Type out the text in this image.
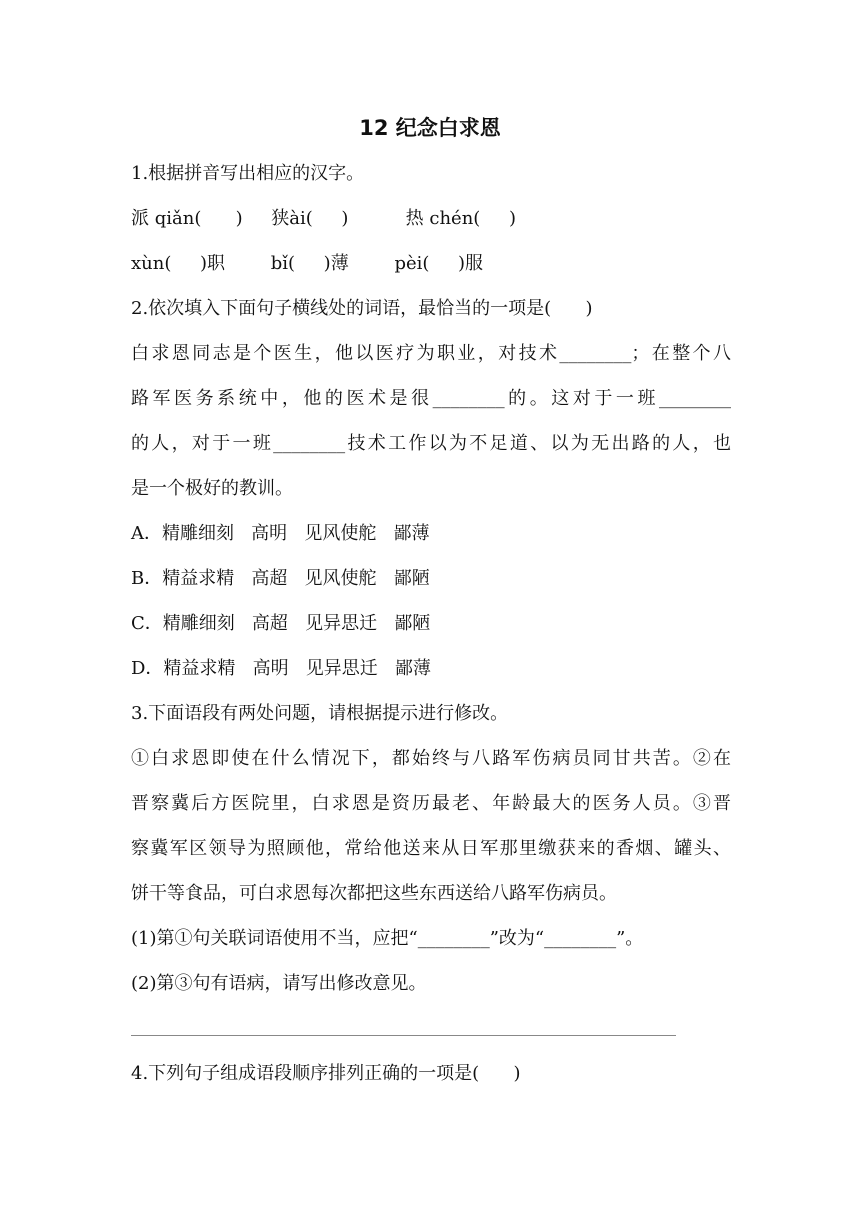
12 纪念白求恩

1.根据拼音写出相应的汉字。

派 qiǎn(      )     狭ài(     )          热 chén(     )

xùn(     )职        bǐ(     )薄        pèi(     )服

2.依次填入下面句子横线处的词语，最恰当的一项是(      )

白求恩同志是个医生，他以医疗为职业，对技术________；在整个八

路军医务系统中，他的医术是很________的。这对于一班________

的人，对于一班________技术工作以为不足道、以为无出路的人，也

是一个极好的教训。

A．精雕细刻   高明   见风使舵   鄙薄

B．精益求精   高超   见风使舵   鄙陋

C．精雕细刻   高超   见异思迁   鄙陋

D．精益求精   高明   见异思迁   鄙薄

3.下面语段有两处问题，请根据提示进行修改。

①白求恩即使在什么情况下，都始终与八路军伤病员同甘共苦。②在

晋察冀后方医院里，白求恩是资历最老、年龄最大的医务人员。③晋

察冀军区领导为照顾他，常给他送来从日军那里缴获来的香烟、罐头、

饼干等食品，可白求恩每次都把这些东西送给八路军伤病员。

(1)第①句关联词语使用不当，应把“________”改为“________”。

(2)第③句有语病，请写出修改意见。

4.下列句子组成语段顺序排列正确的一项是(      )
